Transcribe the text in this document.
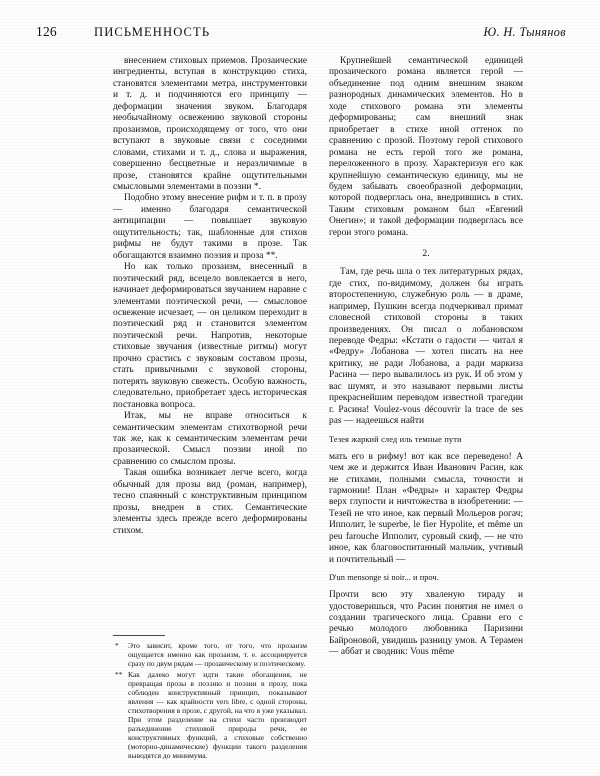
126	ПИСЬМЕННОСТЬ	Ю. Н. Тынянов

внесением стиховых приемов. Прозаические ингредиенты, вступая в конструкцию стиха, становятся элементами метра, инструментовки и т. д. и подчиняются его принципу — деформации значения звуком. Благодаря необычайному освежению звуковой стороны прозаизмов, происходящему от того, что они вступают в звуковые связи с соседними словами, стихами и т. д., слова и выражения, совершенно бесцветные и неразличимые в прозе, становятся крайне ощутительными смысловыми элементами в поэзии *.

Подобно этому внесение рифм и т. п. в прозу — именно благодаря семантической антиципации — повышает звуковую ощутительность; так, шаблонные для стихов рифмы не будут такими в прозе. Так обогащаются взаимно поэзия и проза **.

Но как только прозаизм, внесенный в поэтический ряд, всецело вовлекается в него, начинает деформироваться звучанием наравне с элементами поэтической речи, — смысловое освежение исчезает, — он целиком переходит в поэтический ряд и становится элементом поэтической речи. Напротив, некоторые стиховые звучания (известные ритмы) могут прочно срастись с звуковым составом прозы, стать привычными с звуковой стороны, потерять звуковую свежесть. Особую важность, следовательно, приобретает здесь историческая постановка вопроса.

Итак, мы не вправе относиться к семантическим элементам стихотворной речи так же, как к семантическим элементам речи прозаической. Смысл поэзии иной по сравнению со смыслом прозы.

Такая ошибка возникает легче всего, когда обычный для прозы вид (роман, например), тесно спаянный с конструктивным принципом прозы, внедрен в стих. Семантические элементы здесь прежде всего деформированы стихом.

*	Это зависит, кроме того, от того, что прозаизм ощущается именно как прозаизм, т. е. ассоциируется сразу по двум рядам — прозаическому и поэтическому.
** Как далеко могут идти такие обогащения, не превращая прозы в поэзию и поэзии в прозу, пока соблюден конструктивный принцип, показывают явления — как крайности vers libre, с одной стороны, стихотворения в прозе, с другой, на что я уже указывал. При этом разделение на стихи часто производит разъединение стиховой природы речи, ее конструктивных функций, а стиховые собственно (моторно-динамические) функции такого разделения выводятся до минимума.

Крупнейшей семантической единицей прозаического романа является герой — объединение под одним внешним знаком разнородных динамических элементов. Но в ходе стихового романа эти элементы деформированы; сам внешний знак приобретает в стихе иной оттенок по сравнению с прозой. Поэтому герой стихового романа не есть герой того же романа, переложенного в прозу. Характеризуя его как крупнейшую семантическую единицу, мы не будем забывать своеобразной деформации, которой подверглась она, внедрившись в стих. Таким стиховым романом был «Евгений Онегин»; и такой деформации подверглась все герои этого романа.

2.

Там, где речь шла о тех литературных рядах, где стих, по-видимому, должен бы играть второстепенную, служебную роль — в драме, например, Пушкин всегда подчеркивал примат словесной стиховой стороны в таких произведениях. Он писал о лобановском переводе Федры: «Кстати о гадости — читал я «Федру» Лобанова — хотел писать на нее критику, не ради Лобанова, а ради маркиза Расина — перо вывалилось из рук. И об этом у вас шумят, и это называют первыми листы прекраснейшим переводом известной трагедии г. Расина! Voulez-vous découvrir la trace de ses pas — надеешься найти

Тезея жаркий след иль темные пути

мать его в рифму! вот как все переведено! А чем же и держится Иван Иванович Расин, как не стихами, полными смысла, точности и гармонии! План «Федры» и характер Федры верх глупости и ничтожества в изобретении: — Тезей не что иное, как первый Мольеров рогач; Ипполит, le superbe, le fier Hypolite, et même un peu farouche Ипполит, суровый скиф, — не что иное, как благовоспитанный мальчик, учтивый и почтительный —

D'un mensonge si noir... и проч.

Прочти всю эту хваленую тираду и удостоверишься, что Расин понятия не имел о создании трагического лица. Сравни его с речью молодого любовника Паризини Байроновой, увидишь разницу умов. А Терамен — аббат и сводник: Vous même
